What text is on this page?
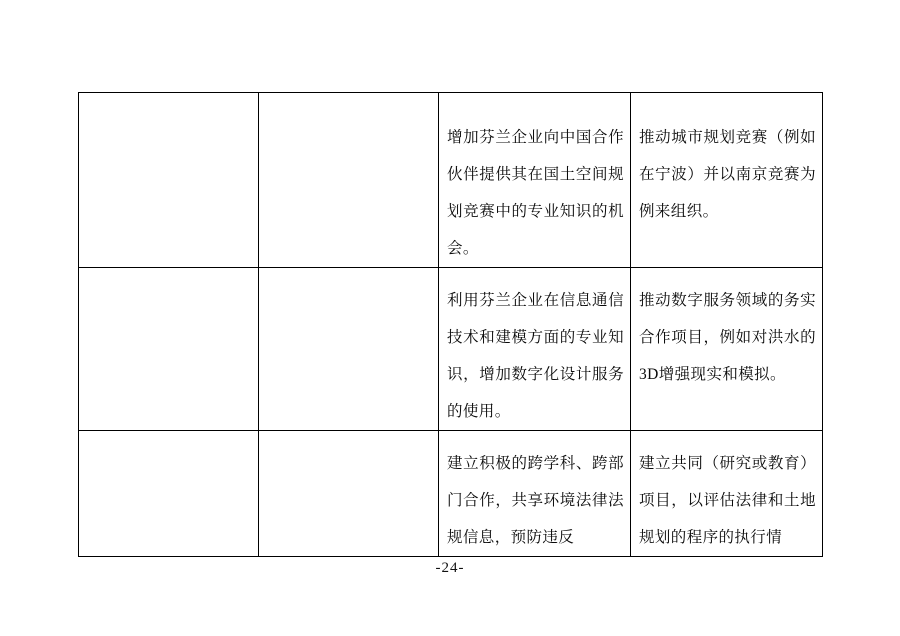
		增加芬兰企业向中国合作伙伴提供其在国土空间规划竞赛中的专业知识的机会。	推动城市规划竞赛（例如在宁波）并以南京竞赛为例来组织。

		利用芬兰企业在信息通信技术和建模方面的专业知识，增加数字化设计服务的使用。	推动数字服务领域的务实合作项目，例如对洪水的3D增强现实和模拟。

		建立积极的跨学科、跨部门合作，共享环境法律法规信息，预防违反	建立共同（研究或教育）项目，以评估法律和土地规划的程序的执行情
-24-
